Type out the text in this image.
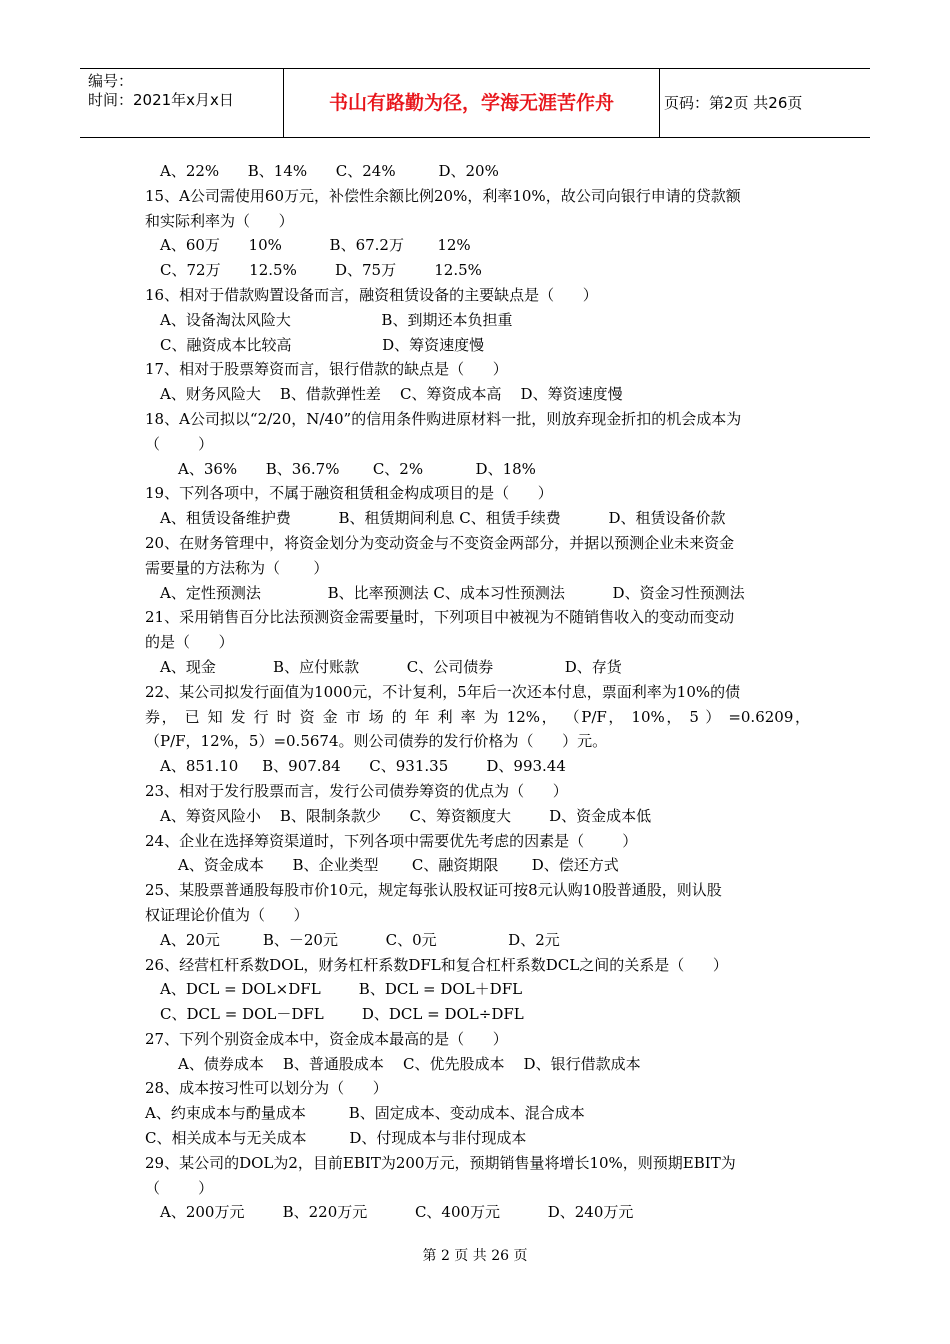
编号：
时间：2021年x月x日	书山有路勤为径，学海无涯苦作舟	页码：第2页 共26页
A、22%      B、14%      C、24%         D、20%
15、A公司需使用60万元，补偿性余额比例20%，利率10%，故公司向银行申请的贷款额
和实际利率为（      ）
A、60万      10%          B、67.2万       12%
C、72万      12.5%        D、75万        12.5%
16、相对于借款购置设备而言，融资租赁设备的主要缺点是（      ）
A、设备淘汰风险大                   B、到期还本负担重
C、融资成本比较高                   D、筹资速度慢
17、相对于股票筹资而言，银行借款的缺点是（      ）
A、财务风险大    B、借款弹性差    C、筹资成本高    D、筹资速度慢
18、A公司拟以“2/20，N/40”的信用条件购进原材料一批，则放弃现金折扣的机会成本为
（        ）
A、36%      B、36.7%       C、2%           D、18%
19、下列各项中，不属于融资租赁租金构成项目的是（      ）
A、租赁设备维护费          B、租赁期间利息 C、租赁手续费          D、租赁设备价款
20、在财务管理中，将资金划分为变动资金与不变资金两部分，并据以预测企业未来资金
需要量的方法称为（       ）
A、定性预测法              B、比率预测法 C、成本习性预测法          D、资金习性预测法
21、采用销售百分比法预测资金需要量时，下列项目中被视为不随销售收入的变动而变动
的是（      ）
A、现金            B、应付账款          C、公司债券               D、存货
22、某公司拟发行面值为1000元，不计复利，5年后一次还本付息，票面利率为10%的债
券， 已 知 发 行 时 资 金 市 场 的 年 利 率 为 12%， （P/F， 10%， 5 ） =0.6209，
（P/F，12%，5）=0.5674。则公司债券的发行价格为（      ）元。
A、851.10     B、907.84      C、931.35        D、993.44
23、相对于发行股票而言，发行公司债券筹资的优点为（      ）
A、筹资风险小    B、限制条款少      C、筹资额度大        D、资金成本低
24、企业在选择筹资渠道时，下列各项中需要优先考虑的因素是（        ）
A、资金成本      B、企业类型       C、融资期限       D、偿还方式
25、某股票普通股每股市价10元，规定每张认股权证可按8元认购10股普通股，则认股
权证理论价值为（      ）
A、20元         B、－20元          C、0元               D、2元
26、经营杠杆系数DOL，财务杠杆系数DFL和复合杠杆系数DCL之间的关系是（      ）
A、DCL = DOL×DFL        B、DCL = DOL＋DFL
C、DCL = DOL－DFL        D、DCL = DOL÷DFL
27、下列个别资金成本中，资金成本最高的是（      ）
A、债券成本    B、普通股成本    C、优先股成本    D、银行借款成本
28、成本按习性可以划分为（      ）
A、约束成本与酌量成本         B、固定成本、变动成本、混合成本
C、相关成本与无关成本         D、付现成本与非付现成本
29、某公司的DOL为2，目前EBIT为200万元，预期销售量将增长10%，则预期EBIT为
（        ）
A、200万元        B、220万元          C、400万元          D、240万元
第 2 页 共 26 页
